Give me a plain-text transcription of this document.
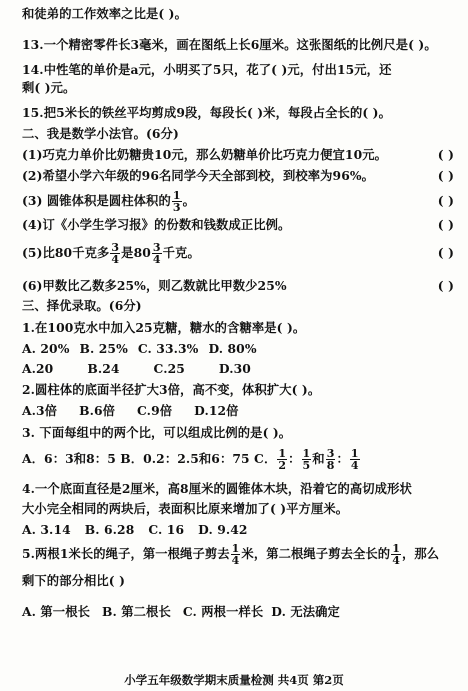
和徒弟的工作效率之比是( )。
13.一个精密零件长3毫米，画在图纸上长6厘米。这张图纸的比例尺是( )。
14.中性笔的单价是a元，小明买了5只，花了( )元，付出15元，还
剩( )元。
15.把5米长的铁丝平均剪成9段，每段长( )米，每段占全长的( )。
二、我是数学小法官。(6分)
(1)巧克力单价比奶糖贵10元，那么奶糖单价比巧克力便宜10元。	( )
(2)希望小学六年级的96名同学今天全部到校，到校率为96%。	( )
(3) 圆锥体积是圆柱体积的 $\frac{1}{3}$ 。	( )
(4)订《小学生学习报》的份数和钱数成正比例。	( )
(5)比80千克多 $\frac{3}{4}$ 是$80 \frac{3}{4}$ 千克。	( )
(6)甲数比乙数多25%，则乙数就比甲数少25%	( )
三、择优录取。(6分)
1.在100克水中加入25克糖，糖水的含糖率是( )。
A. 20% B. 25% C. 33.3% D. 80%
A.20	B.24	C.25	D.30
2.圆柱体的底面半径扩大3倍，高不变，体积扩大( )。
A.3倍 B.6倍 C.9倍 D.12倍
3. 下面每组中的两个比，可以组成比例的是( )。
A．6：3和8：5 B．0.2：2.5和6：75 C． $\frac{1}{2}$ ： $\frac{1}{5}$ 和 $\frac{3}{8}$ ： $\frac{1}{4}$
4.一个底面直径是2厘米，高8厘米的圆锥体木块，沿着它的高切成形状
大小完全相同的两块后，表面积比原来增加了( )平方厘米。
A. 3.14 B. 6.28 C. 16 D. 9.42
5.两根1米长的绳子，第一根绳子剪去 $\frac{1}{4}$ 米，第二根绳子剪去全长的 $\frac{1}{4}$ ，那么
剩下的部分相比( )
A. 第一根长 B. 第二根长 C. 两根一样长 D. 无法确定
小学五年级数学期末质量检测 共4页 第2页
